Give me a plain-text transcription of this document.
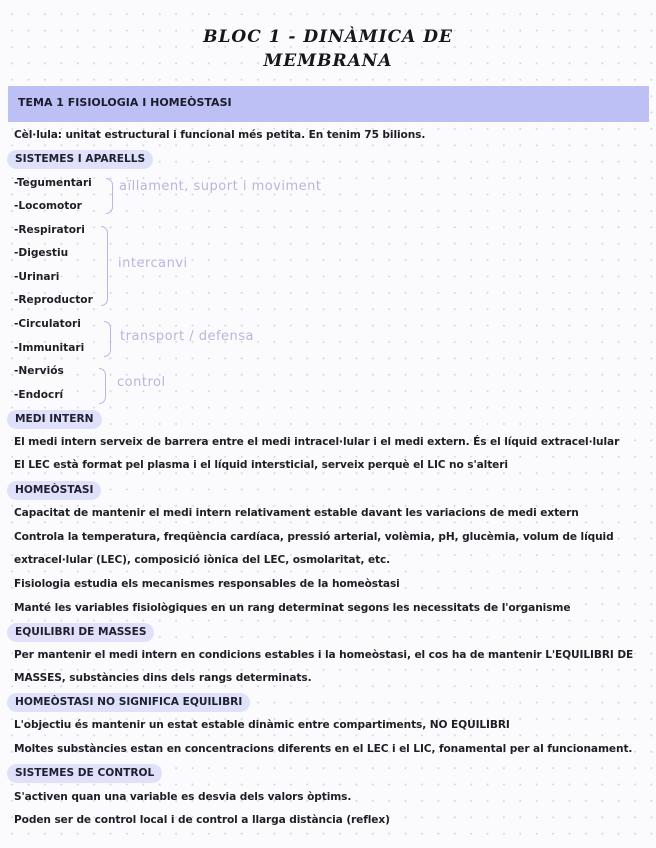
BLOC 1 - DINÀMICA DE
MEMBRANA
TEMA 1 FISIOLOGIA I HOMEÒSTASI
Cèl·lula: unitat estructural i funcional més petita. En tenim 75 bilions.
SISTEMES I APARELLS
-Tegumentari
-Locomotor
-Respiratori
-Digestiu
-Urinari
-Reproductor
-Circulatori
-Immunitari
-Nerviós
-Endocrí
aïllament, suport i moviment
intercanvi
transport / defensa
control
MEDI INTERN
El medi intern serveix de barrera entre el medi intracel·lular i el medi extern. És el líquid extracel·lular
El LEC està format pel plasma i el líquid intersticial, serveix perquè el LIC no s'alteri
HOMEÒSTASI
Capacitat de mantenir el medi intern relativament estable davant les variacions de medi extern
Controla la temperatura, freqüència cardíaca, pressió arterial, volèmia, pH, glucèmia, volum de líquid
extracel·lular (LEC), composició iònica del LEC, osmolaritat, etc.
Fisiologia estudia els mecanismes responsables de la homeòstasi
Manté les variables fisiològiques en un rang determinat segons les necessitats de l'organisme
EQUILIBRI DE MASSES
Per mantenir el medi intern en condicions estables i la homeòstasi, el cos ha de mantenir L'EQUILIBRI DE
MASSES, substàncies dins dels rangs determinats.
HOMEÒSTASI NO SIGNIFICA EQUILIBRI
L'objectiu és mantenir un estat estable dinàmic entre compartiments, NO EQUILIBRI
Moltes substàncies estan en concentracions diferents en el LEC i el LIC, fonamental per al funcionament.
SISTEMES DE CONTROL
S'activen quan una variable es desvia dels valors òptims.
Poden ser de control local i de control a llarga distància (reflex)
